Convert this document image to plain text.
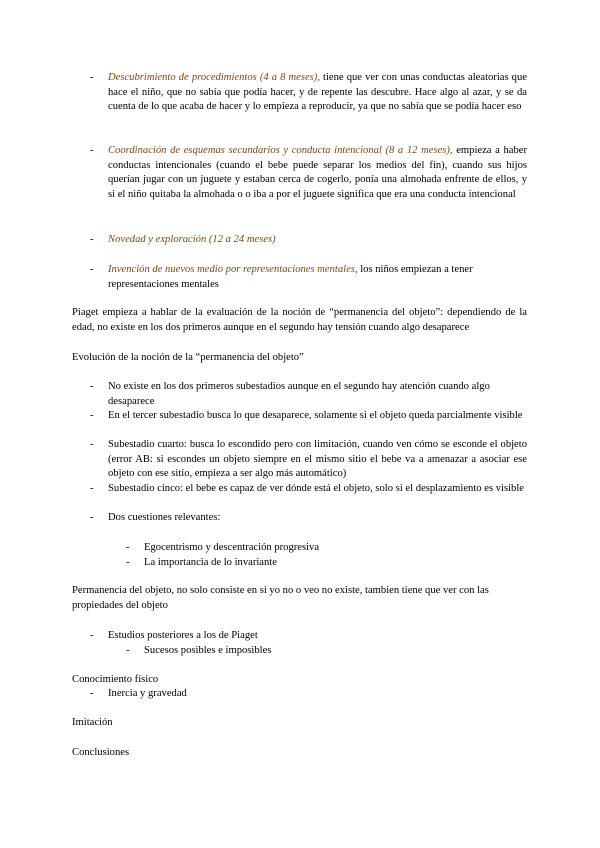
- Descubrimiento de procedimientos (4 a 8 meses), tiene que ver con unas conductas aleatorias que hace el niño, que no sabía que podía hacer, y de repente las descubre. Hace algo al azar, y se da cuenta de lo que acaba de hacer y lo empieza a reproducir, ya que no sabía que se podía hacer eso
- Coordinación de esquemas secundarios y conducta intencional (8 a 12 meses), empieza a haber conductas intencionales (cuando el bebe puede separar los medios del fin), cuando sus hijos querían jugar con un juguete y estaban cerca de cogerlo, ponía una almohada enfrente de ellos, y si el niño quitaba la almohada o o iba a por el juguete significa que era una conducta intencional
- Novedad y exploración (12 a 24 meses)
- Invención de nuevos medio por representaciones mentales, los niños empiezan a tener representaciones mentales

Piaget empieza a hablar de la evaluación de la noción de “permanencia del objeto”: dependiendo de la edad, no existe en los dos primeros aunque en el segundo hay tensión cuando algo desaparece

Evolución de la noción de la “permanencia del objeto”

- No existe en los dos primeros subestadios aunque en el segundo hay atención cuando algo desaparece
- En el tercer subestadio busca lo que desaparece, solamente si el objeto queda parcialmente visible
- Subestadio cuarto: busca lo escondido pero con limitación, cuando ven cómo se esconde el objeto (error AB: si escondes un objeto siempre en el mismo sitio el bebe va a amenazar a asociar ese objeto con ese sitio, empieza a ser algo más automático)
- Subestadio cinco: el bebe es capaz de ver dónde está el objeto, solo si el desplazamiento es visible
- Dos cuestiones relevantes:
- Egocentrismo y descentración progresiva
- La importancia de lo invariante

Permanencia del objeto, no solo consiste en si yo no o veo no existe, tambien tiene que ver con las propiedades del objeto

- Estudios posteriores a los de Piaget
- Sucesos posibles e imposibles

Conocimiento físico

- Inercia y gravedad

Imitación

Conclusiones
